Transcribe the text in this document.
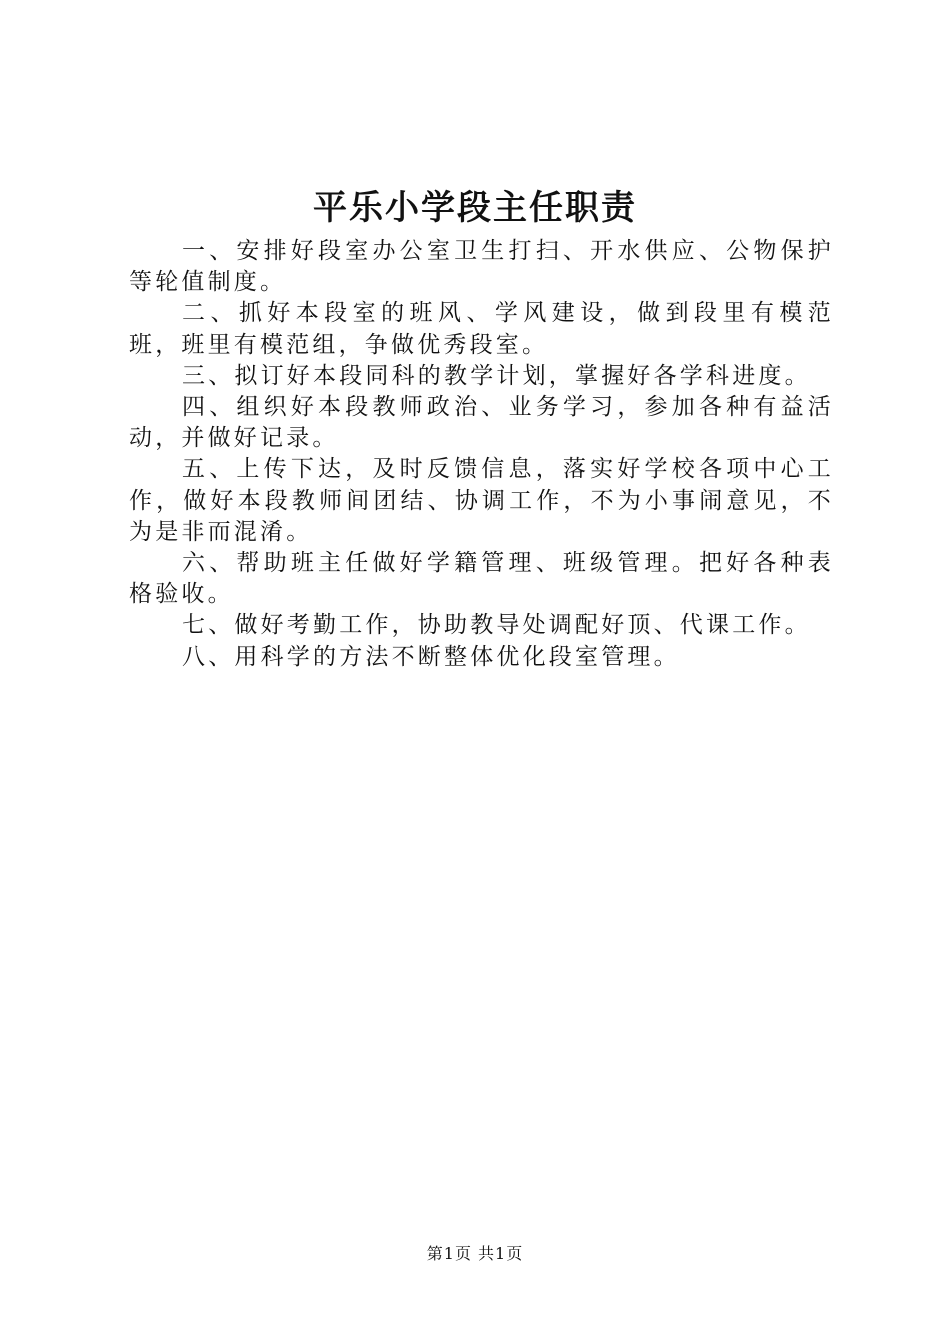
平乐小学段主任职责

一、安排好段室办公室卫生打扫、开水供应、公物保护等轮值制度。

二、抓好本段室的班风、学风建设，做到段里有模范班，班里有模范组，争做优秀段室。

三、拟订好本段同科的教学计划，掌握好各学科进度。

四、组织好本段教师政治、业务学习，参加各种有益活动，并做好记录。

五、上传下达，及时反馈信息，落实好学校各项中心工作，做好本段教师间团结、协调工作，不为小事闹意见，不为是非而混淆。

六、帮助班主任做好学籍管理、班级管理。把好各种表格验收。

七、做好考勤工作，协助教导处调配好顶、代课工作。

八、用科学的方法不断整体优化段室管理。

第1页 共1页
